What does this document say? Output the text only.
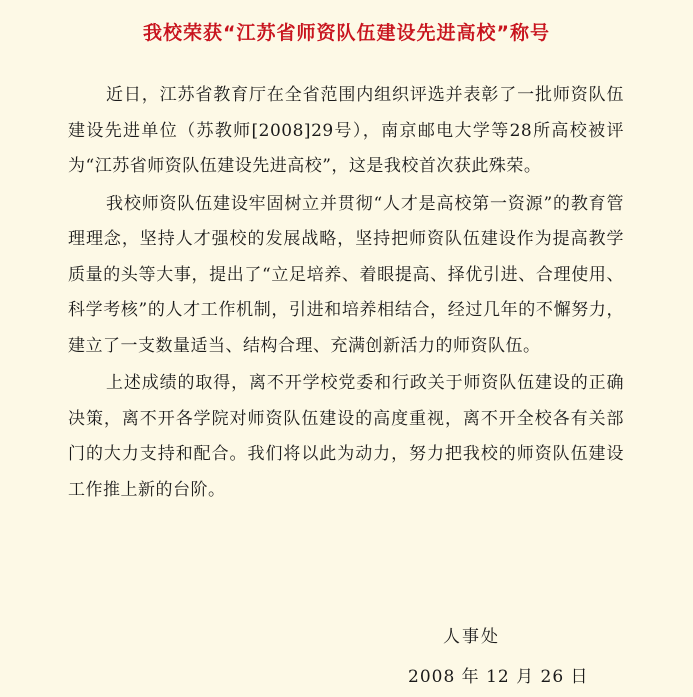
我校荣获“江苏省师资队伍建设先进高校”称号

近日，江苏省教育厅在全省范围内组织评选并表彰了一批师资队伍建设先进单位（苏教师[2008]29号），南京邮电大学等28所高校被评为“江苏省师资队伍建设先进高校”，这是我校首次获此殊荣。

我校师资队伍建设牢固树立并贯彻“人才是高校第一资源”的教育管理理念，坚持人才强校的发展战略，坚持把师资队伍建设作为提高教学质量的头等大事，提出了“立足培养、着眼提高、择优引进、合理使用、科学考核”的人才工作机制，引进和培养相结合，经过几年的不懈努力，建立了一支数量适当、结构合理、充满创新活力的师资队伍。

上述成绩的取得，离不开学校党委和行政关于师资队伍建设的正确决策，离不开各学院对师资队伍建设的高度重视，离不开全校各有关部门的大力支持和配合。我们将以此为动力，努力把我校的师资队伍建设工作推上新的台阶。

人事处
2008 年 12 月 26 日
